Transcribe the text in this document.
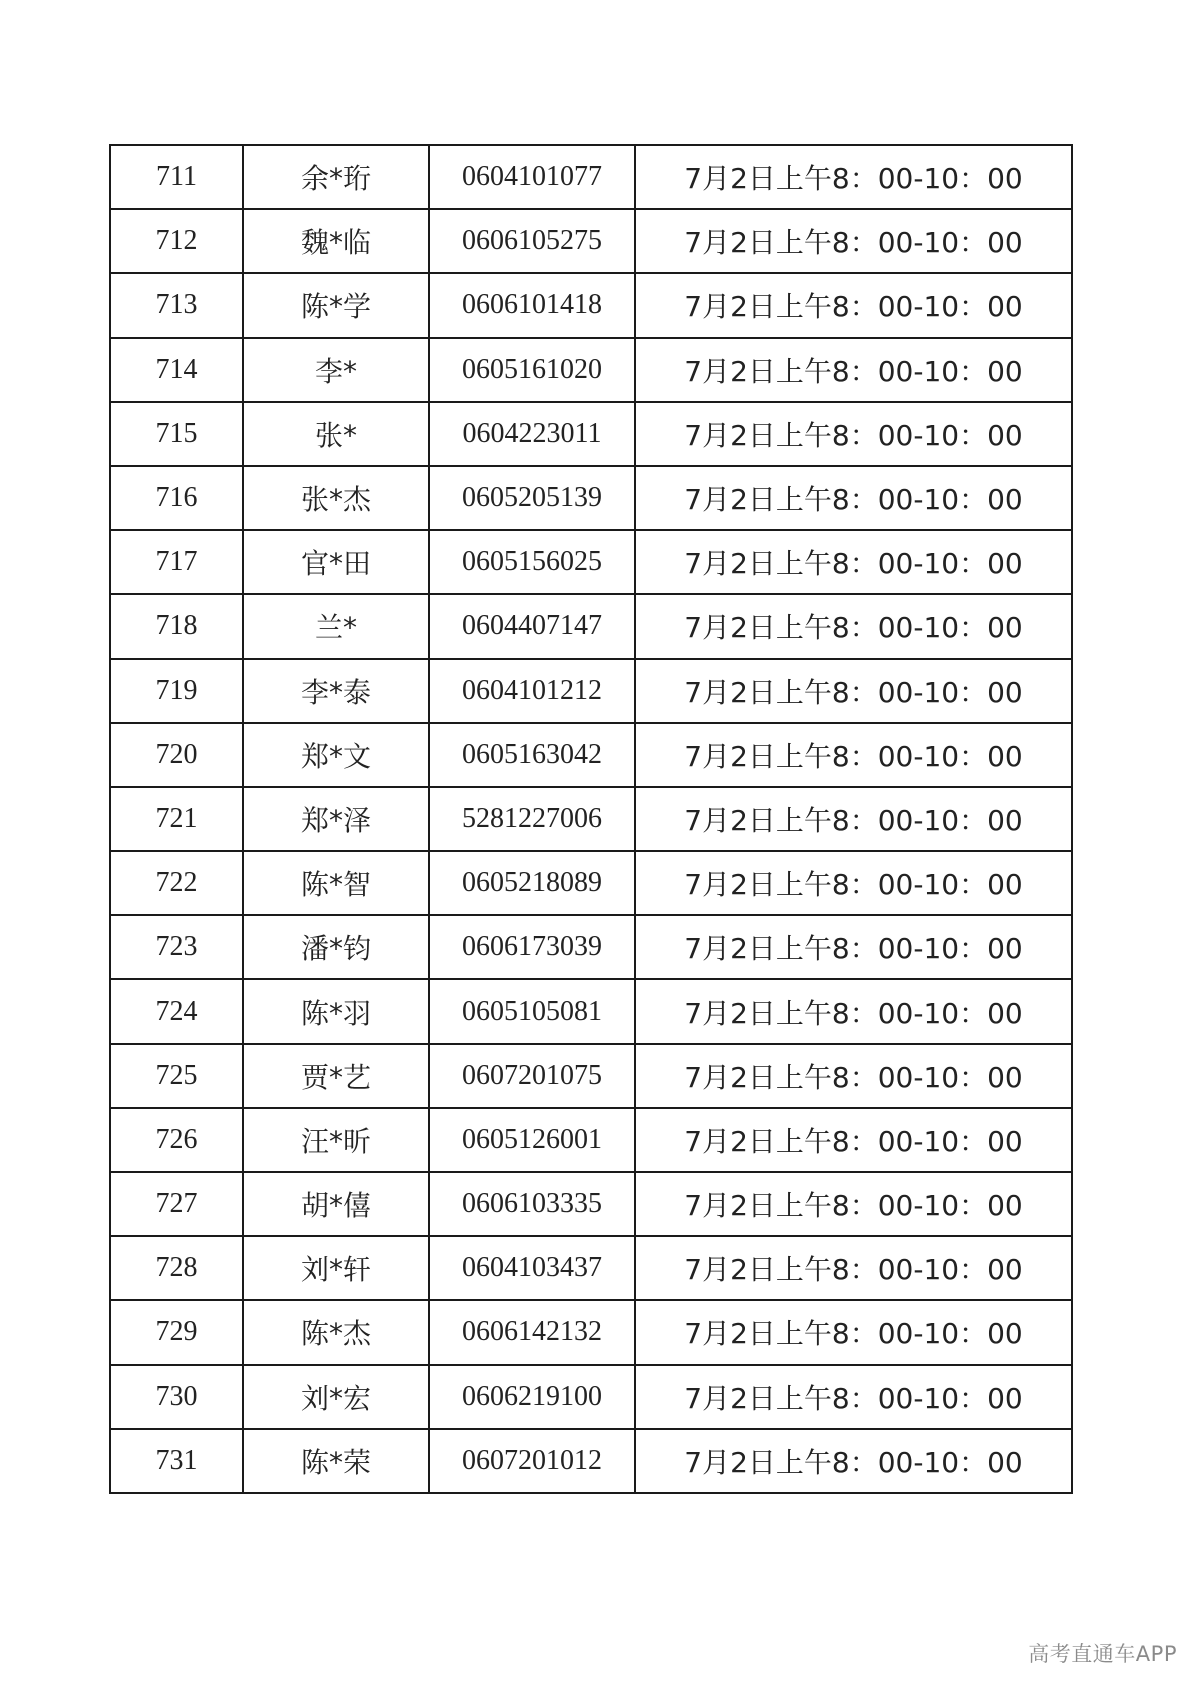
711	余*珩	0604101077	7月2日上午8：00-10：00
712	魏*临	0606105275	7月2日上午8：00-10：00
713	陈*学	0606101418	7月2日上午8：00-10：00
714	李*	0605161020	7月2日上午8：00-10：00
715	张*	0604223011	7月2日上午8：00-10：00
716	张*杰	0605205139	7月2日上午8：00-10：00
717	官*田	0605156025	7月2日上午8：00-10：00
718	兰*	0604407147	7月2日上午8：00-10：00
719	李*泰	0604101212	7月2日上午8：00-10：00
720	郑*文	0605163042	7月2日上午8：00-10：00
721	郑*泽	5281227006	7月2日上午8：00-10：00
722	陈*智	0605218089	7月2日上午8：00-10：00
723	潘*钧	0606173039	7月2日上午8：00-10：00
724	陈*羽	0605105081	7月2日上午8：00-10：00
725	贾*艺	0607201075	7月2日上午8：00-10：00
726	汪*昕	0605126001	7月2日上午8：00-10：00
727	胡*僖	0606103335	7月2日上午8：00-10：00
728	刘*轩	0604103437	7月2日上午8：00-10：00
729	陈*杰	0606142132	7月2日上午8：00-10：00
730	刘*宏	0606219100	7月2日上午8：00-10：00
731	陈*荣	0607201012	7月2日上午8：00-10：00
高考直通车APP
